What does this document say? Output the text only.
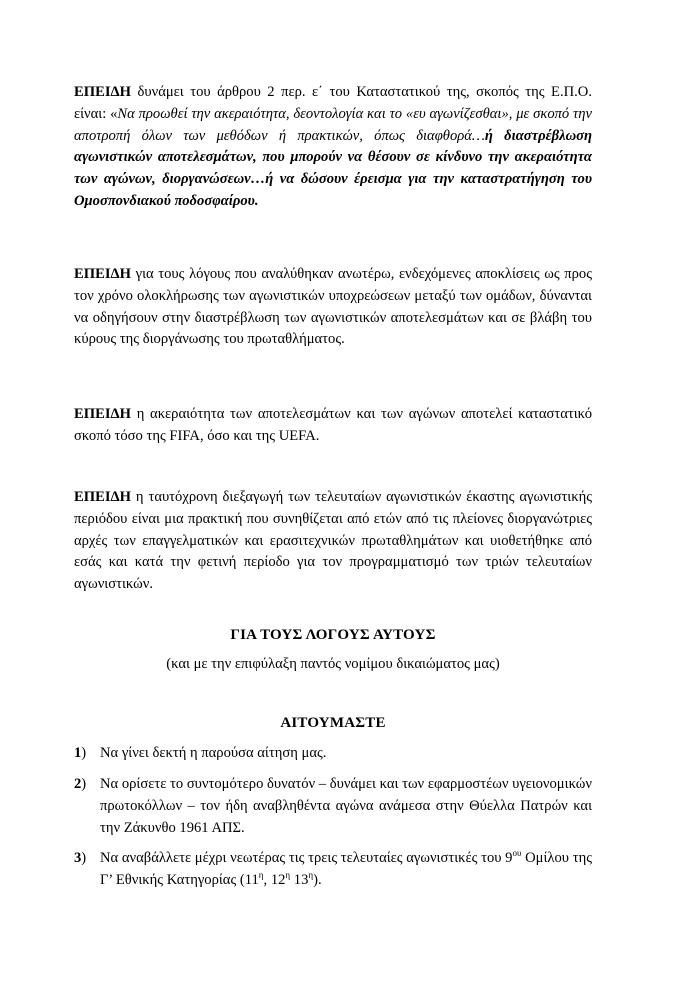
ΕΠΕΙΔΗ δυνάμει του άρθρου 2 περ. ε΄ του Καταστατικού της, σκοπός της Ε.Π.Ο. είναι: «Να προωθεί την ακεραιότητα, δεοντολογία και το «ευ αγωνίζεσθαι», με σκοπό την αποτροπή όλων των μεθόδων ή πρακτικών, όπως διαφθορά…ή διαστρέβλωση αγωνιστικών αποτελεσμάτων, που μπορούν να θέσουν σε κίνδυνο την ακεραιότητα των αγώνων, διοργανώσεων…ή να δώσουν έρεισμα για την καταστρατήγηση του Ομοσπονδιακού ποδοσφαίρου.

ΕΠΕΙΔΗ για τους λόγους που αναλύθηκαν ανωτέρω, ενδεχόμενες αποκλίσεις ως προς τον χρόνο ολοκλήρωσης των αγωνιστικών υποχρεώσεων μεταξύ των ομάδων, δύνανται να οδηγήσουν στην διαστρέβλωση των αγωνιστικών αποτελεσμάτων και σε βλάβη του κύρους της διοργάνωσης του πρωταθλήματος.

ΕΠΕΙΔΗ η ακεραιότητα των αποτελεσμάτων και των αγώνων αποτελεί καταστατικό σκοπό τόσο της FIFA, όσο και της UEFA.

ΕΠΕΙΔΗ η ταυτόχρονη διεξαγωγή των τελευταίων αγωνιστικών έκαστης αγωνιστικής περιόδου είναι μια πρακτική που συνηθίζεται από ετών από τις πλείονες διοργανώτριες αρχές των επαγγελματικών και ερασιτεχνικών πρωταθλημάτων και υιοθετήθηκε από εσάς και κατά την φετινή περίοδο για τον προγραμματισμό των τριών τελευταίων αγωνιστικών.

ΓΙΑ ΤΟΥΣ ΛΟΓΟΥΣ ΑΥΤΟΥΣ
(και με την επιφύλαξη παντός νομίμου δικαιώματος μας)
ΑΙΤΟΥΜΑΣΤΕ
1) Να γίνει δεκτή η παρούσα αίτηση μας.
2) Να ορίσετε το συντομότερο δυνατόν – δυνάμει και των εφαρμοστέων υγειονομικών πρωτοκόλλων – τον ήδη αναβληθέντα αγώνα ανάμεσα στην Θύελλα Πατρών και την Ζάκυνθο 1961 ΑΠΣ.
3) Να αναβάλλετε μέχρι νεωτέρας τις τρεις τελευταίες αγωνιστικές του $9^{o\upsilon}$ Ομίλου της Γ’ Εθνικής Κατηγορίας ($11^\eta$, $12^\eta$ $13^\eta$).
